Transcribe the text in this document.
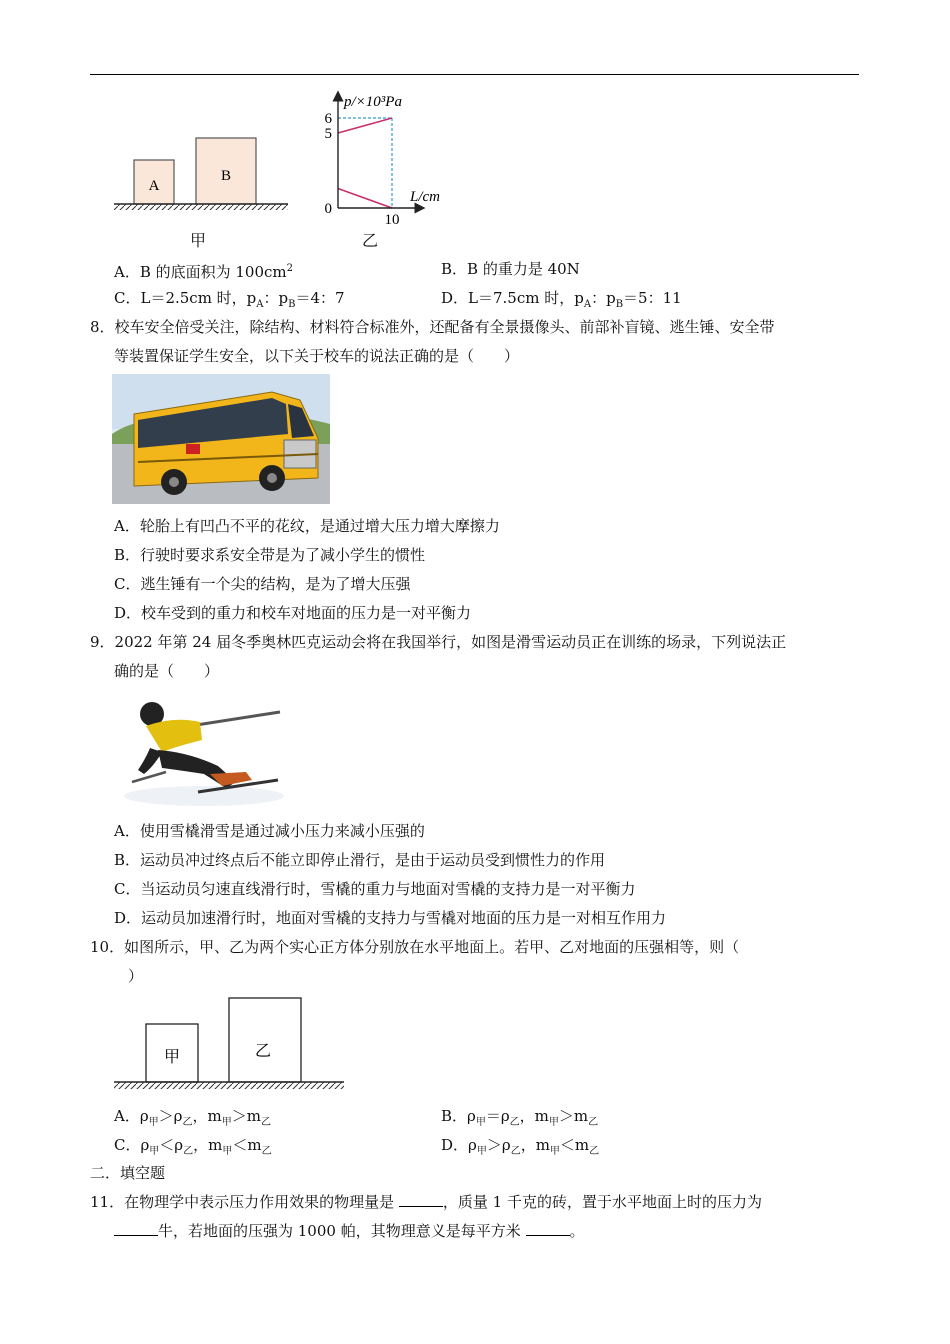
A
B
甲
p/×10³Pa
L/cm
6
5
0
10
乙
A．B 的底面积为 $100cm^2$	B．B 的重力是 40N
C．L＝2.5cm 时，$p_A$：$p_B=4$：7	D．L＝7.5cm 时，$p_A$：$p_B=5$：11
8．校车安全倍受关注，除结构、材料符合标准外，还配备有全景摄像头、前部补盲镜、逃生锤、安全带
等装置保证学生安全，以下关于校车的说法正确的是（　　）
A．轮胎上有凹凸不平的花纹，是通过增大压力增大摩擦力
B．行驶时要求系安全带是为了减小学生的惯性
C．逃生锤有一个尖的结构，是为了增大压强
D．校车受到的重力和校车对地面的压力是一对平衡力
9．2022 年第 24 届冬季奥林匹克运动会将在我国举行，如图是滑雪运动员正在训练的场录，下列说法正
确的是（　　）
A．使用雪橇滑雪是通过减小压力来减小压强的
B．运动员冲过终点后不能立即停止滑行，是由于运动员受到惯性力的作用
C．当运动员匀速直线滑行时，雪橇的重力与地面对雪橇的支持力是一对平衡力
D．运动员加速滑行时，地面对雪橇的支持力与雪橇对地面的压力是一对相互作用力
10．如图所示，甲、乙为两个实心正方体分别放在水平地面上。若甲、乙对地面的压强相等，则（
）
甲	乙
A．$\rho_甲>\rho_乙$，$m_甲>m_乙$	B．$\rho_甲=\rho_乙$，$m_甲>m_乙$
C．$\rho_甲<\rho_乙$，$m_甲<m_乙$	D．$\rho_甲>\rho_乙$，$m_甲<m_乙$
二．填空题
11．在物理学中表示压力作用效果的物理量是	，质量 1 千克的砖，置于水平地面上时的压力为
牛，若地面的压强为 1000 帕，其物理意义是每平方米	。
